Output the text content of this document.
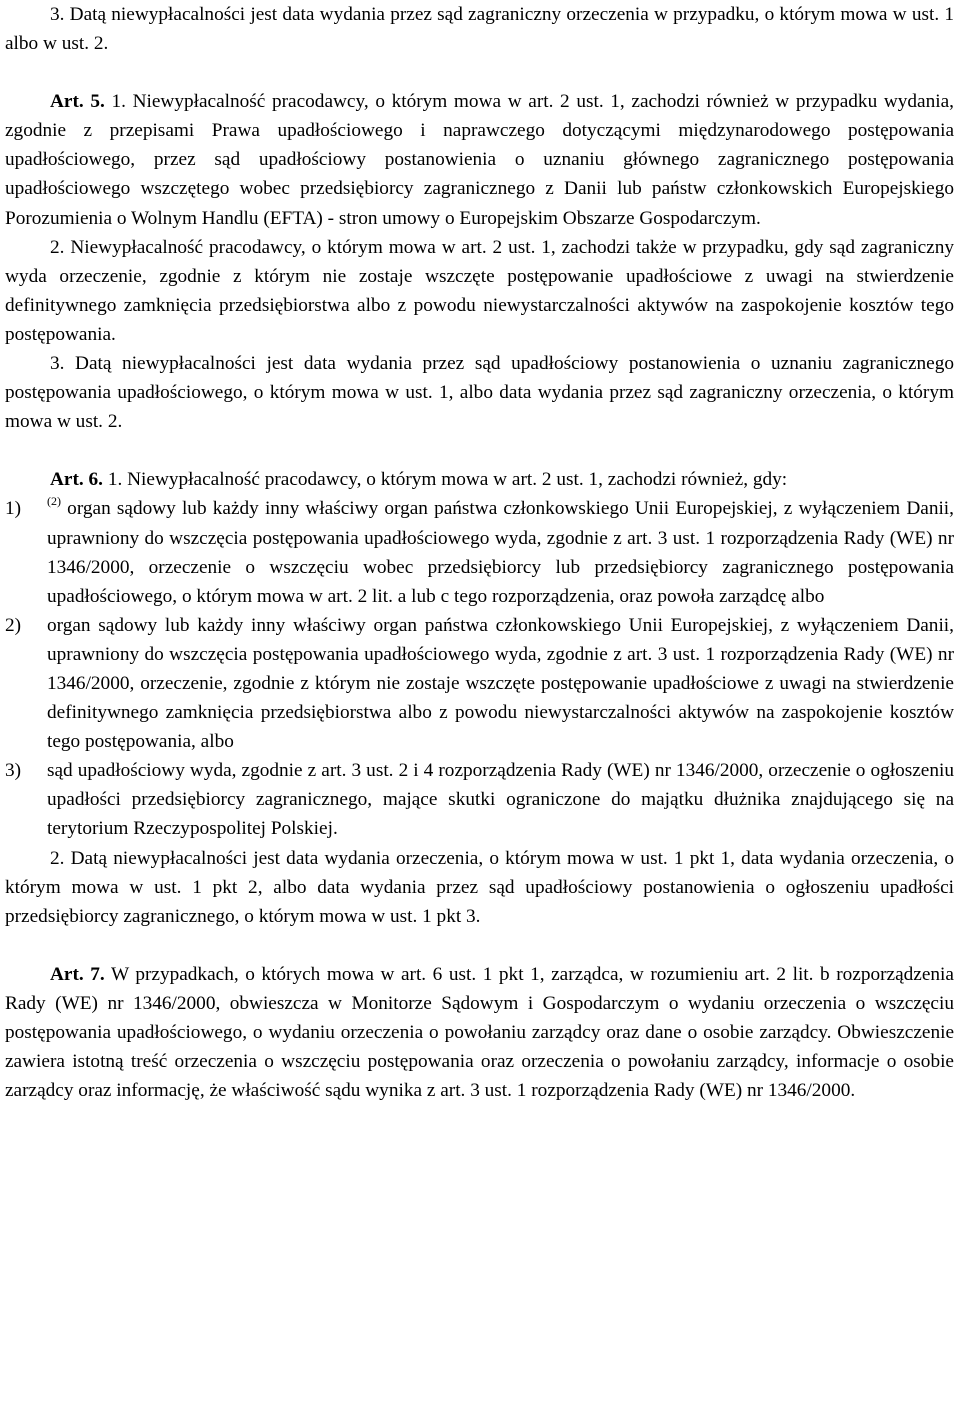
3. Datą niewypłacalności jest data wydania przez sąd zagraniczny orzeczenia w przypadku, o którym mowa w ust. 1 albo w ust. 2.

Art. 5. 1. Niewypłacalność pracodawcy, o którym mowa w art. 2 ust. 1, zachodzi również w przypadku wydania, zgodnie z przepisami Prawa upadłościowego i naprawczego dotyczącymi międzynarodowego postępowania upadłościowego, przez sąd upadłościowy postanowienia o uznaniu głównego zagranicznego postępowania upadłościowego wszczętego wobec przedsiębiorcy zagranicznego z Danii lub państw członkowskich Europejskiego Porozumienia o Wolnym Handlu (EFTA) - stron umowy o Europejskim Obszarze Gospodarczym.

2. Niewypłacalność pracodawcy, o którym mowa w art. 2 ust. 1, zachodzi także w przypadku, gdy sąd zagraniczny wyda orzeczenie, zgodnie z którym nie zostaje wszczęte postępowanie upadłościowe z uwagi na stwierdzenie definitywnego zamknięcia przedsiębiorstwa albo z powodu niewystarczalności aktywów na zaspokojenie kosztów tego postępowania.

3. Datą niewypłacalności jest data wydania przez sąd upadłościowy postanowienia o uznaniu zagranicznego postępowania upadłościowego, o którym mowa w ust. 1, albo data wydania przez sąd zagraniczny orzeczenia, o którym mowa w ust. 2.

Art. 6. 1. Niewypłacalność pracodawcy, o którym mowa w art. 2 ust. 1, zachodzi również, gdy:

1)	$^{(2)}$ organ sądowy lub każdy inny właściwy organ państwa członkowskiego Unii Europejskiej, z wyłączeniem Danii, uprawniony do wszczęcia postępowania upadłościowego wyda, zgodnie z art. 3 ust. 1 rozporządzenia Rady (WE) nr 1346/2000, orzeczenie o wszczęciu wobec przedsiębiorcy lub przedsiębiorcy zagranicznego postępowania upadłościowego, o którym mowa w art. 2 lit. a lub c tego rozporządzenia, oraz powoła zarządcę albo
2)	organ sądowy lub każdy inny właściwy organ państwa członkowskiego Unii Europejskiej, z wyłączeniem Danii, uprawniony do wszczęcia postępowania upadłościowego wyda, zgodnie z art. 3 ust. 1 rozporządzenia Rady (WE) nr 1346/2000, orzeczenie, zgodnie z którym nie zostaje wszczęte postępowanie upadłościowe z uwagi na stwierdzenie definitywnego zamknięcia przedsiębiorstwa albo z powodu niewystarczalności aktywów na zaspokojenie kosztów tego postępowania, albo
3)	sąd upadłościowy wyda, zgodnie z art. 3 ust. 2 i 4 rozporządzenia Rady (WE) nr 1346/2000, orzeczenie o ogłoszeniu upadłości przedsiębiorcy zagranicznego, mające skutki ograniczone do majątku dłużnika znajdującego się na terytorium Rzeczypospolitej Polskiej.

2. Datą niewypłacalności jest data wydania orzeczenia, o którym mowa w ust. 1 pkt 1, data wydania orzeczenia, o którym mowa w ust. 1 pkt 2, albo data wydania przez sąd upadłościowy postanowienia o ogłoszeniu upadłości przedsiębiorcy zagranicznego, o którym mowa w ust. 1 pkt 3.

Art. 7. W przypadkach, o których mowa w art. 6 ust. 1 pkt 1, zarządca, w rozumieniu art. 2 lit. b rozporządzenia Rady (WE) nr 1346/2000, obwieszcza w Monitorze Sądowym i Gospodarczym o wydaniu orzeczenia o wszczęciu postępowania upadłościowego, o wydaniu orzeczenia o powołaniu zarządcy oraz dane o osobie zarządcy. Obwieszczenie zawiera istotną treść orzeczenia o wszczęciu postępowania oraz orzeczenia o powołaniu zarządcy, informacje o osobie zarządcy oraz informację, że właściwość sądu wynika z art. 3 ust. 1 rozporządzenia Rady (WE) nr 1346/2000.
